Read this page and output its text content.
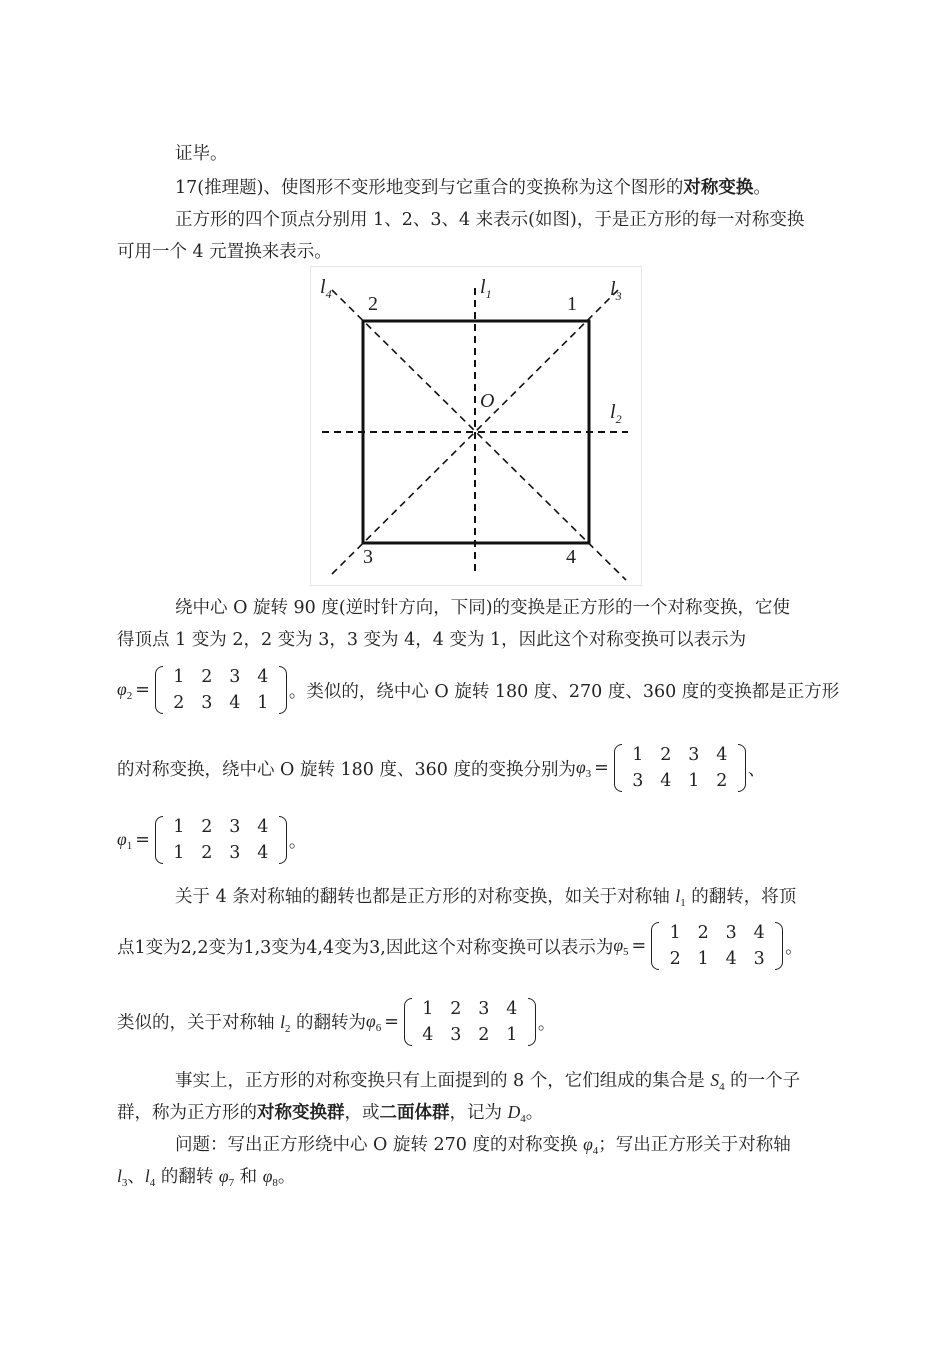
证毕。
17(推理题)、使图形不变形地变到与它重合的变换称为这个图形的对称变换。
正方形的四个顶点分别用 1、2、3、4 来表示(如图)，于是正方形的每一对称变换
可用一个 4 元置换来表示。
2	1
3	4
O
$l_1$
$l_2$
$l_3$
$l_4$
绕中心 O 旋转 90 度(逆时针方向，下同)的变换是正方形的一个对称变换，它使
得顶点 1 变为 2，2 变为 3，3 变为 4，4 变为 1，因此这个对称变换可以表示为
$\varphi_2$ =
1 2 3 4
2 3 4 1
。类似的，绕中心 O 旋转 180 度、270 度、360 度的变换都是正方形
的对称变换，绕中心 O 旋转 180 度、360 度的变换分别为 $\varphi_3$ =
1 2 3 4
3 4 1 2
、
$\varphi_1$ =
1 2 3 4
1 2 3 4
。
关于 4 条对称轴的翻转也都是正方形的对称变换，如关于对称轴 $l_1$ 的翻转，将顶
点1变为2,2变为1,3变为4,4变为3,因此这个对称变换可以表示为 $\varphi_5$ =
1 2 3 4
2 1 4 3
。
类似的，关于对称轴 $l_2$ 的翻转为 $\varphi_6$ =
1 2 3 4
4 3 2 1
。
事实上，正方形的对称变换只有上面提到的 8 个，它们组成的集合是 $S_4$ 的一个子
群，称为正方形的对称变换群，或二面体群，记为 $D_4$。
问题：写出正方形绕中心 O 旋转 270 度的对称变换 $\varphi_4$；写出正方形关于对称轴
$l_3$、$l_4$ 的翻转 $\varphi_7$ 和 $\varphi_8$。
